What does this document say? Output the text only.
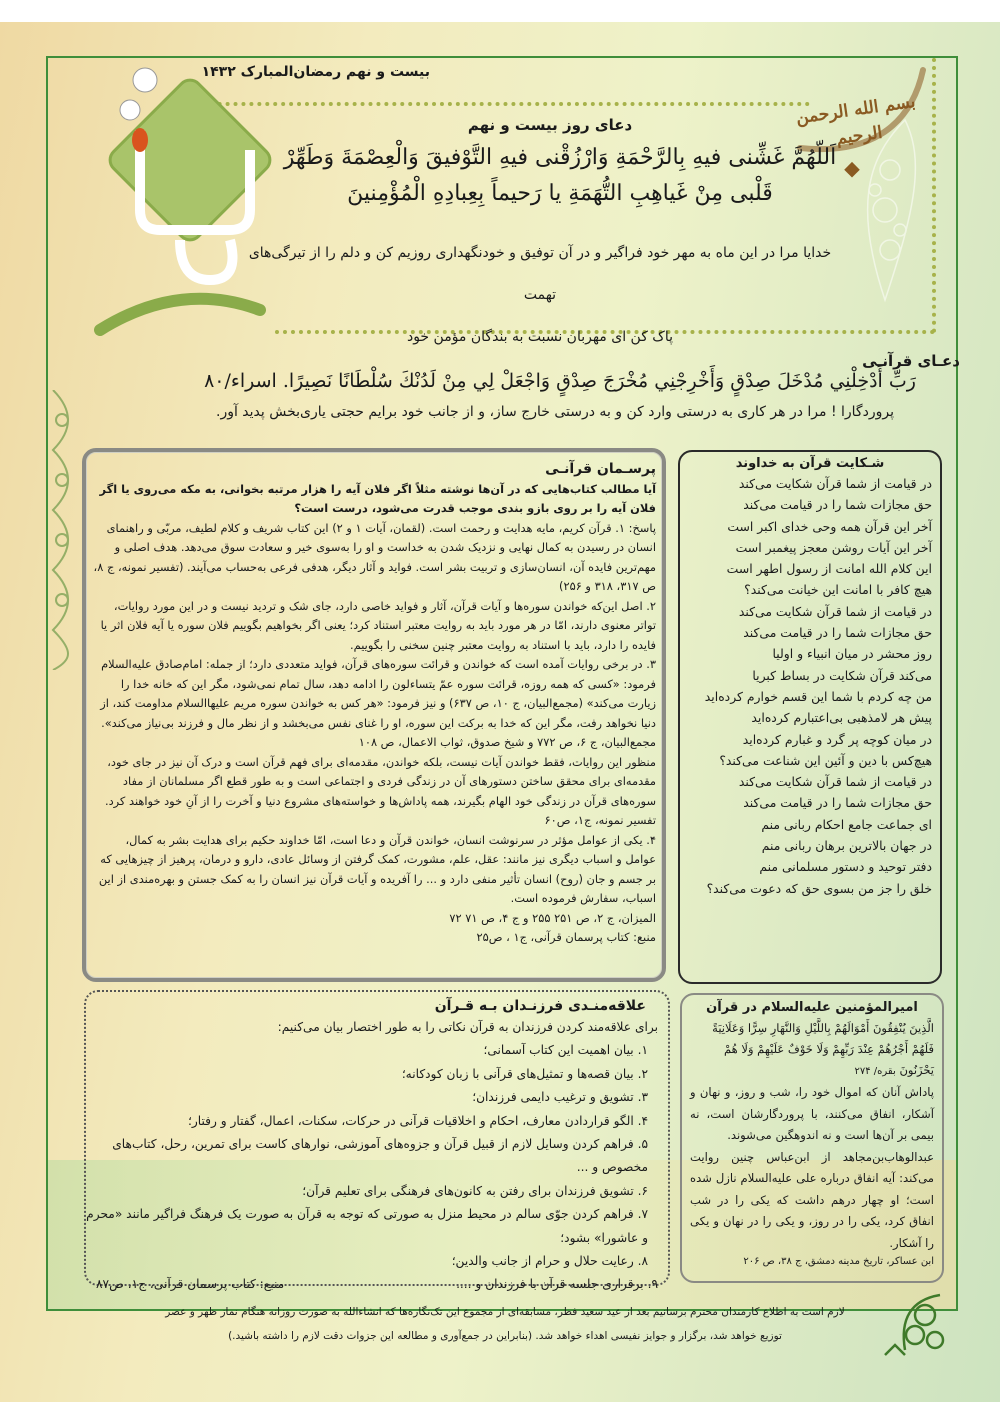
بیست و نهم رمضان‌المبارک ۱۴۳۲
بسم الله الرحمن الرحیم
دعای روز بیست و نهم
اَللّهُمَّ غَشِّنی فیهِ بِالرَّحْمَةِ وَارْزُقْنی فیهِ التَّوْفیقَ وَالْعِصْمَةَ وَطَهِّرْ قَلْبی مِنْ غَیاهِبِ التُّهَمَةِ یا رَحیماً بِعِبادِهِ الْمُؤْمِنینَ
خدایا مرا در این ماه به مهر خود فراگیر و در آن توفیق و خودنگهداری روزیم کن و دلم را از تیرگی‌های تهمت
پاک کن ای مهربان نسبت به بندگان مؤمن خود
دعـای قرآنـی
رَبِّ أَدْخِلْنِي مُدْخَلَ صِدْقٍ وَأَخْرِجْنِي مُخْرَجَ صِدْقٍ وَاجْعَلْ لِي مِنْ لَدُنْكَ سُلْطَانًا نَصِيرًا. اسراء/۸۰
پروردگارا ! مرا در هر کاری به درستی وارد کن و به درستی خارج ساز، و از جانب خود برایم حجتی یاری‌بخش پدید آور.
پرسـمان قرآنـی
آیا مطالب کتاب‌هایی که در آن‌ها نوشته مثلاً اگر فلان آیه را هزار مرتبه بخوانی، به مکه می‌روی یا اگر فلان آیه را بر روی بازو بندی موجب قدرت می‌شود، درست است؟
پاسخ: ۱. قرآن کریم، مایه هدایت و رحمت است. (لقمان، آیات ۱ و ۲) این کتاب شریف و کلام لطیف، مربّی و راهنمای انسان در رسیدن به کمال نهایی و نزدیک شدن به خداست و او را به‌سوی خیر و سعادت سوق می‌دهد. هدف اصلی و مهم‌ترین فایده آن، انسان‌سازی و تربیت بشر است. فواید و آثار دیگر، هدفی فرعی به‌حساب می‌آیند. (تفسیر نمونه، ج ۸، ص ۳۱۷، ۳۱۸ و ۲۵۶)
۲. اصل این‌که خواندن سوره‌ها و آیات قرآن، آثار و فواید خاصی دارد، جای شک و تردید نیست و در این مورد روایات، تواتر معنوی دارند، امّا در هر مورد باید به روایت معتبر استناد کرد؛ یعنی اگر بخواهیم بگوییم فلان سوره یا آیه فلان اثر یا فایده را دارد، باید با استناد به روایت معتبر چنین سخنی را بگوییم.
۳. در برخی روایات آمده است که خواندن و قرائت سوره‌های قرآن، فواید متعددی دارد؛ از جمله: امام‌صادق علیه‌السلام فرمود: «کسی که همه روزه، قرائت سوره عمّ یتساءلون را ادامه دهد، سال تمام نمی‌شود، مگر این که خانه خدا را زیارت می‌کند» (مجمع‌البیان، ج ۱۰، ص ۶۳۷) و نیز فرمود: «هر کس به خواندن سوره مریم علیها‌السلام مداومت کند، از دنیا نخواهد رفت، مگر این که خدا به برکت این سوره، او را غنای نفس می‌بخشد و از نظر مال و فرزند بی‌نیاز می‌کند». مجمع‌البیان، ج ۶، ص ۷۷۲ و شیخ صدوق، ثواب الاعمال، ص ۱۰۸
منظور این روایات، فقط خواندن آیات نیست، بلکه خواندن، مقدمه‌ای برای فهم قرآن است و درک آن نیز در جای خود، مقدمه‌ای برای محقق ساختن دستورهای آن در زندگی فردی و اجتماعی است و به طور قطع اگر مسلمانان از مفاد سوره‌های قرآن در زندگی خود الهام بگیرند، همه پاداش‌ها و خواسته‌های مشروع دنیا و آخرت را از آنِ خود خواهند کرد. تفسیر نمونه، ج۱، ص۶۰
۴. یکی از عوامل مؤثر در سرنوشت انسان، خواندن قرآن و دعا است، امّا خداوند حکیم برای هدایت بشر به کمال، عوامل و اسباب دیگری نیز مانند: عقل، علم، مشورت، کمک گرفتن از وسائل عادی، دارو و درمان، پرهیز از چیزهایی که بر جسم و جان (روح) انسان تأثیر منفی دارد و ... را آفریده و آیات قرآن نیز انسان را به کمک جستن و بهره‌مندی از این اسباب، سفارش فرموده است.
المیزان، ج ۲، ص ۲۵۱ ۲۵۵ و ج ۴، ص ۷۱ ۷۲
منبع: کتاب پرسمان قرآنی، ج۱ ، ص۲۵
شـکایت قرآن به خداوند
در قیامت از شما قرآن شکایت می‌کند
حق مجازات شما را در قیامت می‌کند
آخر این قرآن همه وحی خدای اکبر است
آخر این آیات روشن معجز پیغمبر است
این کلام الله امانت از رسول اطهر است
هیچ کافر با امانت این خیانت می‌کند؟
در قیامت از شما قرآن شکایت می‌کند
حق مجازات شما را در قیامت می‌کند
روز محشر در میان انبیاء و اولیا
می‌کند قرآن شکایت در بساط کبریا
من چه کردم با شما این قسم خوارم کرده‌اید
پیش هر لامذهبی بی‌اعتبارم کرده‌اید
در میان کوچه پر گرد و غبارم کرده‌اید
هیچ‌کس با دین و آئین این شناعت می‌کند؟
در قیامت از شما قرآن شکایت می‌کند
حق مجازات شما را در قیامت می‌کند
ای جماعت جامع احکام ربانی منم
در جهان بالاترین برهان ربانی منم
دفتر توحید و دستور مسلمانی منم
خلق را جز من بسوی حق که دعوت می‌کند؟
امیرالمؤمنین علیه‌السلام در قرآن
الَّذِينَ يُنْفِقُونَ أَمْوَالَهُمْ بِاللَّيْلِ وَالنَّهَارِ سِرًّا وَعَلَانِيَةً فَلَهُمْ أَجْرُهُمْ عِنْدَ رَبِّهِمْ وَلَا خَوْفٌ عَلَيْهِمْ وَلَا هُمْ يَحْزَنُونَ بقره/ ۲۷۴
پاداش آنان که اموال خود را، شب و روز، و نهان و آشکار، انفاق می‌کنند، با پروردگارشان است، نه بیمی بر آن‌ها است و نه اندوهگین می‌شوند.
عبدالوهاب‌بن‌مجاهد از ابن‌عباس چنین روایت می‌کند: آیه انفاق درباره علی علیه‌السلام نازل شده است؛ او چهار درهم داشت که یکی را در شب انفاق کرد، یکی را در روز، و یکی را در نهان و یکی را آشکار.
ابن عساکر، تاریخ مدینه دمشق، ج ۳۸، ص ۲۰۶
علاقه‌منـدی فرزنـدان بـه قـرآن
برای علاقه‌مند کردن فرزندان به قرآن نکاتی را به طور اختصار بیان می‌کنیم:
۱. بیان اهمیت این کتاب آسمانی؛
۲. بیان قصه‌ها و تمثیل‌های قرآنی با زبان کودکانه؛
۳. تشویق و ترغیب دایمی فرزندان؛
۴. الگو قراردادن معارف، احکام و اخلاقیات قرآنی در حرکات، سکنات، اعمال، گفتار و رفتار؛
۵. فراهم کردن وسایل لازم از قبیل قرآن و جزوه‌های آموزشی، نوارهای کاست برای تمرین، رحل، کتاب‌های مخصوص و ...
۶. تشویق فرزندان برای رفتن به کانون‌های فرهنگی برای تعلیم قرآن؛
۷. فراهم کردن جوّی سالم در محیط منزل به صورتی که توجه به قرآن به صورت یک فرهنگ فراگیر مانند «محرم و عاشورا» بشود؛
۸. رعایت حلال و حرام از جانب والدین؛
۹. برقراری جلسه قرآن با فرزندان و ....
منبع: کتاب پرسمان قرآنی، ج۱، ص۸۷
لازم است به اطلاع کارمندان محترم برسانیم بعد از عید سعید فطر، مسابقه‌ای از مجموع این تک‌نگاره‌ها که انشاءالله به صورت روزانه هنگام نماز ظهر و عصر
توزیع خواهد شد، برگزار و جوایز نفیسی اهداء خواهد شد. (بنابراین در جمع‌آوری و مطالعه این جزوات دقت لازم را داشته باشید.)
